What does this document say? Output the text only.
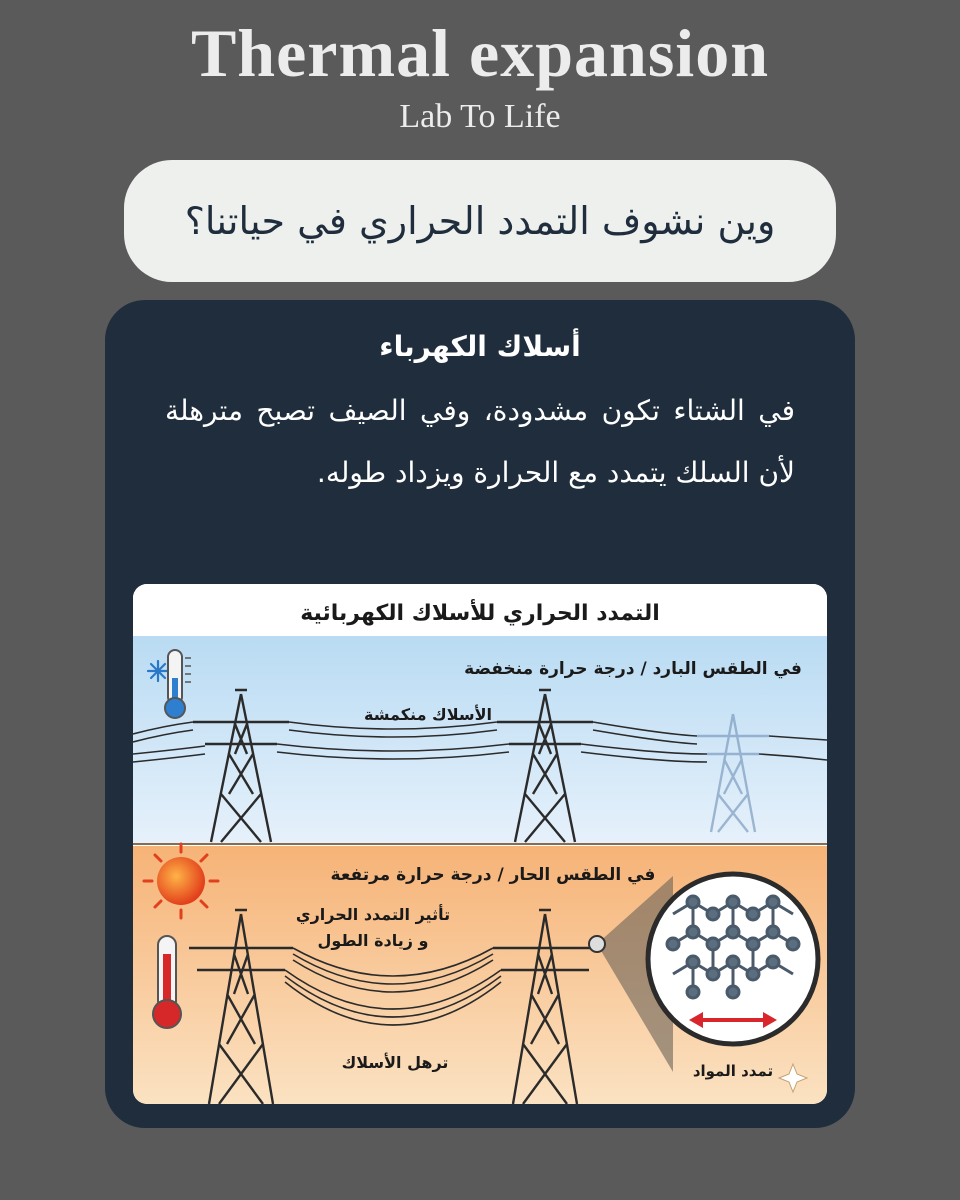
Thermal expansion
Lab To Life
وين نشوف التمدد الحراري في حياتنا؟
أسلاك الكهرباء
في الشتاء تكون مشدودة، وفي الصيف تصبح مترهلة لأن السلك يتمدد مع الحرارة ويزداد طوله.
التمدد الحراري للأسلاك الكهربائية
في الطقس البارد / درجة حرارة منخفضة
الأسلاك منكمشة
في الطقس الحار / درجة حرارة مرتفعة
تأثير التمدد الحراري
و زيادة الطول
ترهل الأسلاك	تمدد المواد
